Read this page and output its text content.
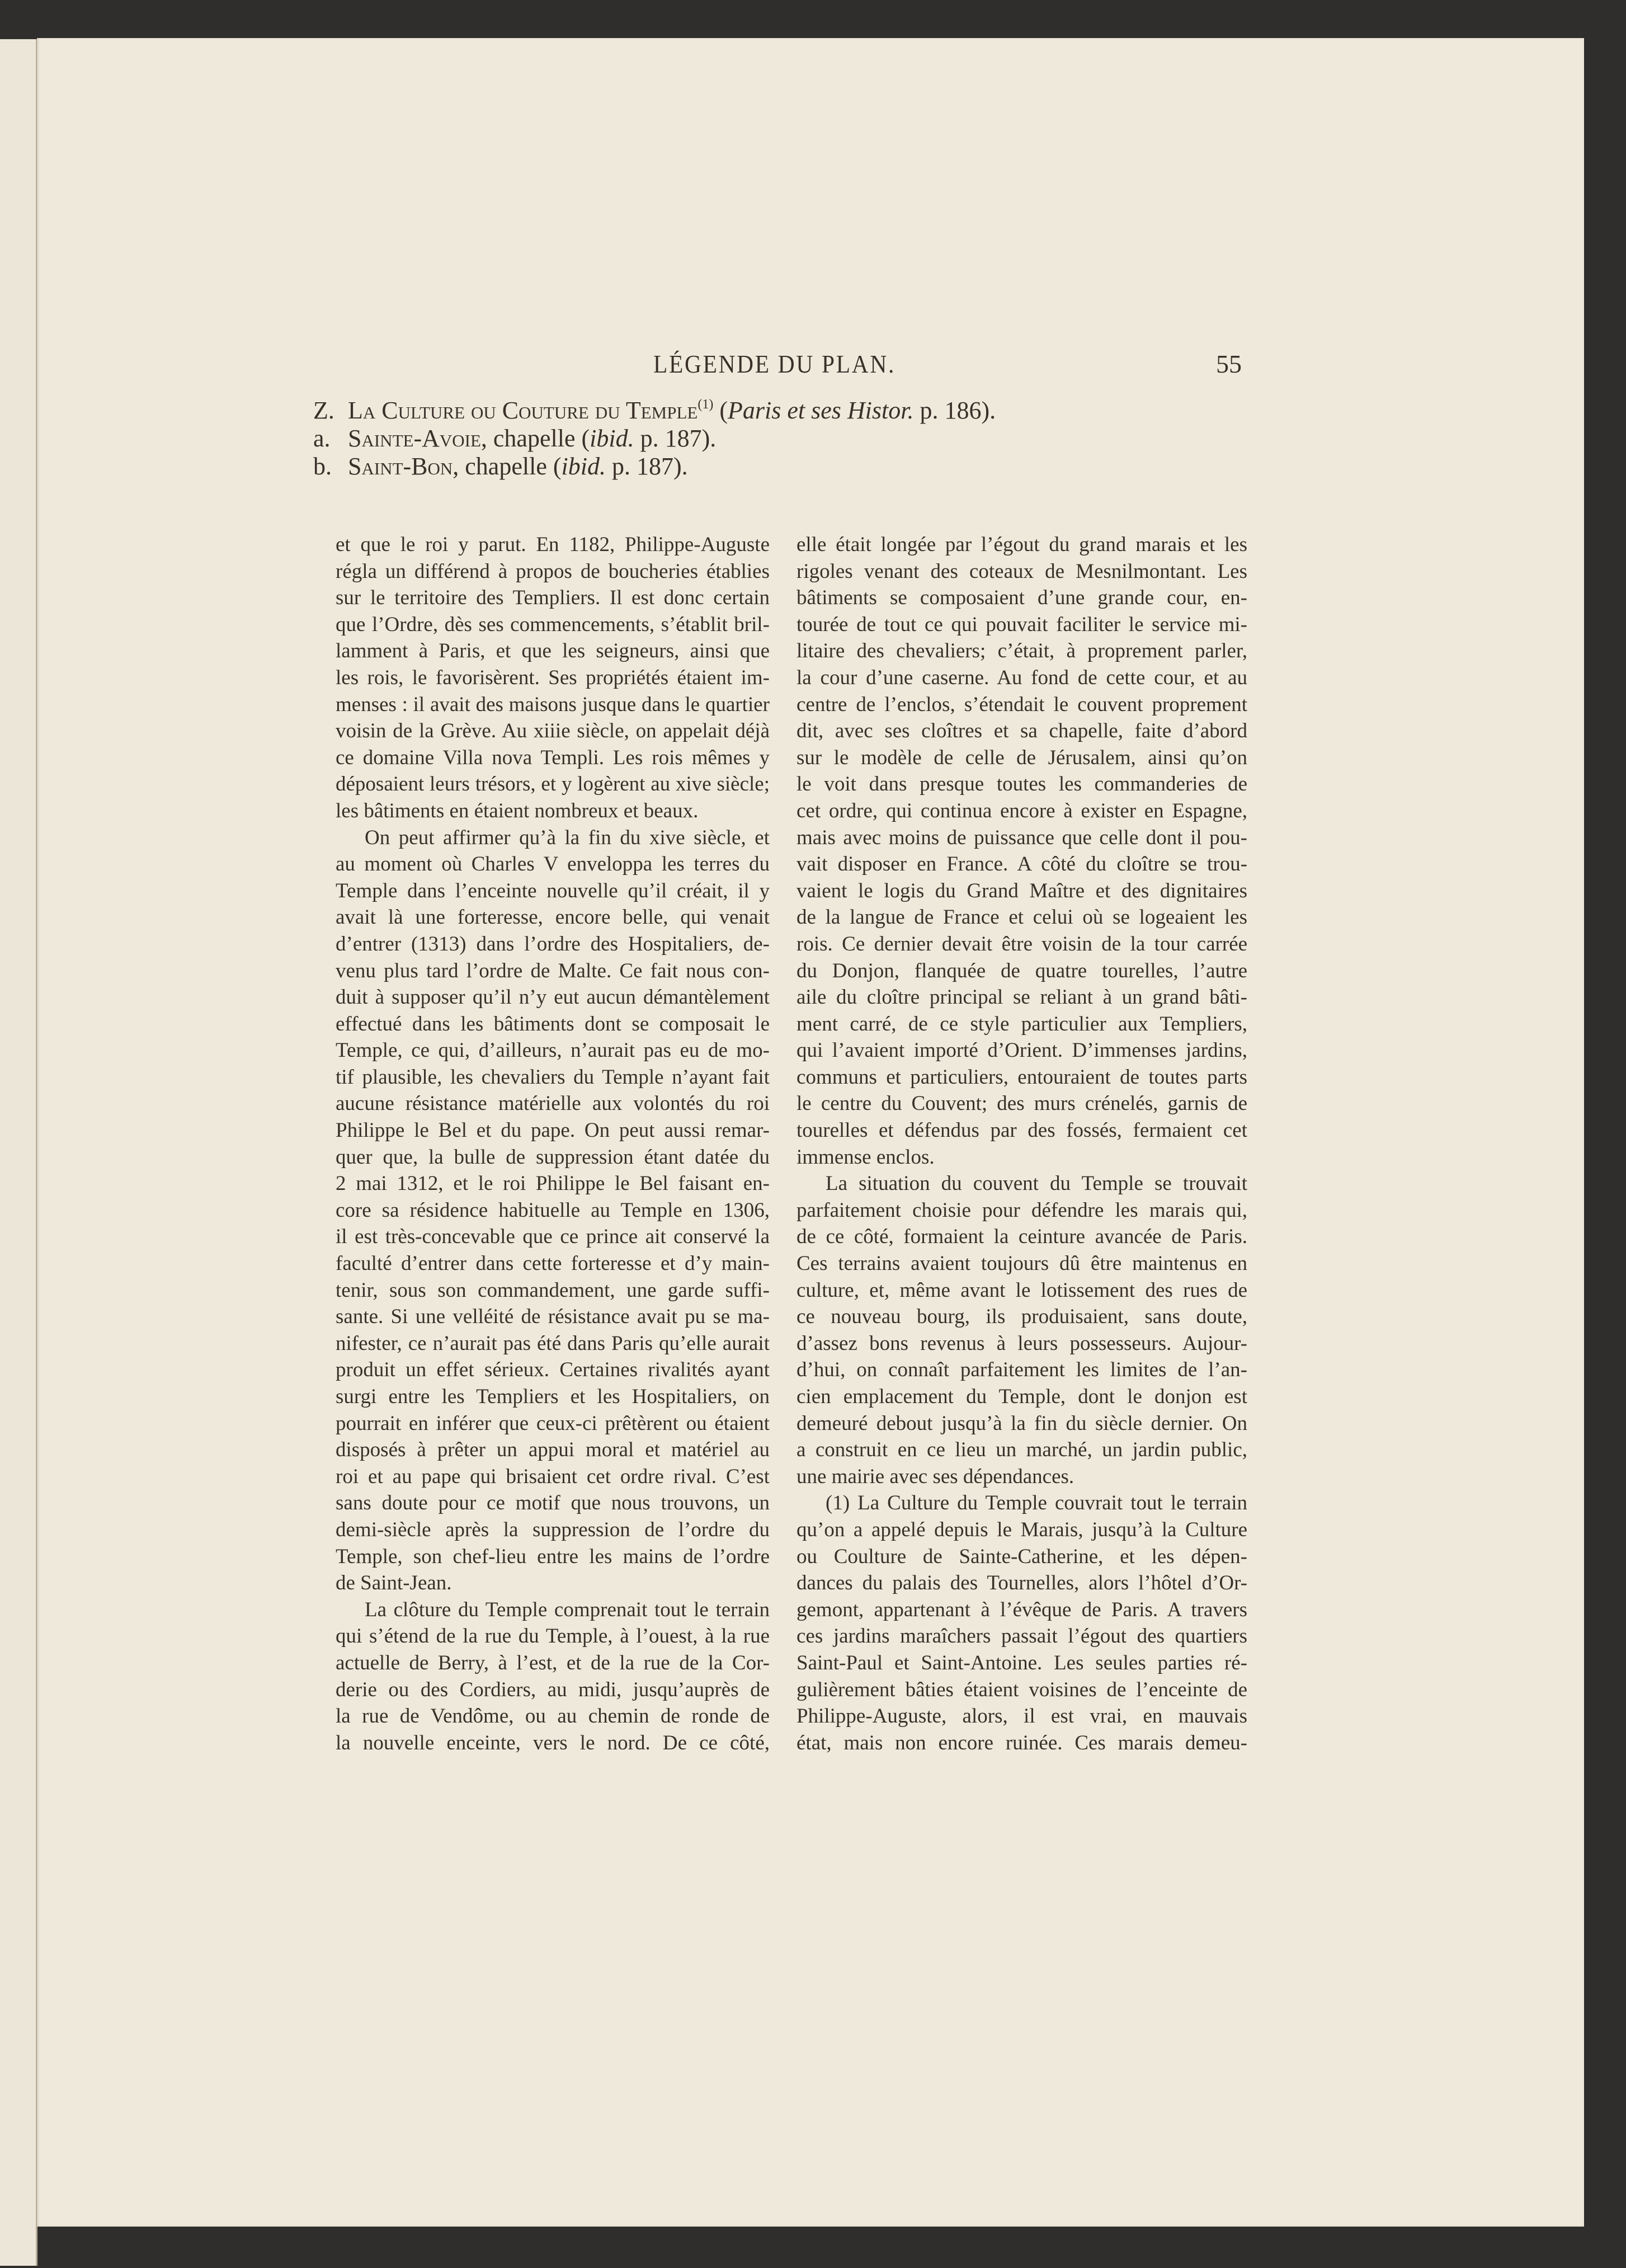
LÉGENDE DU PLAN.	55
Z. La Culture ou Couture du Temple$^{(1)}$ (Paris et ses Histor. p. 186).
a. Sainte-Avoie, chapelle (ibid. p. 187).
b. Saint-Bon, chapelle (ibid. p. 187).
et que le roi y parut. En 1182, Philippe-Auguste
régla un différend à propos de boucheries établies
sur le territoire des Templiers. Il est donc certain
que l’Ordre, dès ses commencements, s’établit bril-
lamment à Paris, et que les seigneurs, ainsi que
les rois, le favorisèrent. Ses propriétés étaient im-
menses : il avait des maisons jusque dans le quartier
voisin de la Grève. Au xiiie siècle, on appelait déjà
ce domaine Villa nova Templi. Les rois mêmes y
déposaient leurs trésors, et y logèrent au xive siècle;
les bâtiments en étaient nombreux et beaux.
On peut affirmer qu’à la fin du xive siècle, et
au moment où Charles V enveloppa les terres du
Temple dans l’enceinte nouvelle qu’il créait, il y
avait là une forteresse, encore belle, qui venait
d’entrer (1313) dans l’ordre des Hospitaliers, de-
venu plus tard l’ordre de Malte. Ce fait nous con-
duit à supposer qu’il n’y eut aucun démantèlement
effectué dans les bâtiments dont se composait le
Temple, ce qui, d’ailleurs, n’aurait pas eu de mo-
tif plausible, les chevaliers du Temple n’ayant fait
aucune résistance matérielle aux volontés du roi
Philippe le Bel et du pape. On peut aussi remar-
quer que, la bulle de suppression étant datée du
2 mai 1312, et le roi Philippe le Bel faisant en-
core sa résidence habituelle au Temple en 1306,
il est très-concevable que ce prince ait conservé la
faculté d’entrer dans cette forteresse et d’y main-
tenir, sous son commandement, une garde suffi-
sante. Si une velléité de résistance avait pu se ma-
nifester, ce n’aurait pas été dans Paris qu’elle aurait
produit un effet sérieux. Certaines rivalités ayant
surgi entre les Templiers et les Hospitaliers, on
pourrait en inférer que ceux-ci prêtèrent ou étaient
disposés à prêter un appui moral et matériel au
roi et au pape qui brisaient cet ordre rival. C’est
sans doute pour ce motif que nous trouvons, un
demi-siècle après la suppression de l’ordre du
Temple, son chef-lieu entre les mains de l’ordre
de Saint-Jean.
La clôture du Temple comprenait tout le terrain
qui s’étend de la rue du Temple, à l’ouest, à la rue
actuelle de Berry, à l’est, et de la rue de la Cor-
derie ou des Cordiers, au midi, jusqu’auprès de
la rue de Vendôme, ou au chemin de ronde de
la nouvelle enceinte, vers le nord. De ce côté,
elle était longée par l’égout du grand marais et les
rigoles venant des coteaux de Mesnilmontant. Les
bâtiments se composaient d’une grande cour, en-
tourée de tout ce qui pouvait faciliter le service mi-
litaire des chevaliers; c’était, à proprement parler,
la cour d’une caserne. Au fond de cette cour, et au
centre de l’enclos, s’étendait le couvent proprement
dit, avec ses cloîtres et sa chapelle, faite d’abord
sur le modèle de celle de Jérusalem, ainsi qu’on
le voit dans presque toutes les commanderies de
cet ordre, qui continua encore à exister en Espagne,
mais avec moins de puissance que celle dont il pou-
vait disposer en France. A côté du cloître se trou-
vaient le logis du Grand Maître et des dignitaires
de la langue de France et celui où se logeaient les
rois. Ce dernier devait être voisin de la tour carrée
du Donjon, flanquée de quatre tourelles, l’autre
aile du cloître principal se reliant à un grand bâti-
ment carré, de ce style particulier aux Templiers,
qui l’avaient importé d’Orient. D’immenses jardins,
communs et particuliers, entouraient de toutes parts
le centre du Couvent; des murs crénelés, garnis de
tourelles et défendus par des fossés, fermaient cet
immense enclos.
La situation du couvent du Temple se trouvait
parfaitement choisie pour défendre les marais qui,
de ce côté, formaient la ceinture avancée de Paris.
Ces terrains avaient toujours dû être maintenus en
culture, et, même avant le lotissement des rues de
ce nouveau bourg, ils produisaient, sans doute,
d’assez bons revenus à leurs possesseurs. Aujour-
d’hui, on connaît parfaitement les limites de l’an-
cien emplacement du Temple, dont le donjon est
demeuré debout jusqu’à la fin du siècle dernier. On
a construit en ce lieu un marché, un jardin public,
une mairie avec ses dépendances.
(1) La Culture du Temple couvrait tout le terrain
qu’on a appelé depuis le Marais, jusqu’à la Culture
ou Coulture de Sainte-Catherine, et les dépen-
dances du palais des Tournelles, alors l’hôtel d’Or-
gemont, appartenant à l’évêque de Paris. A travers
ces jardins maraîchers passait l’égout des quartiers
Saint-Paul et Saint-Antoine. Les seules parties ré-
gulièrement bâties étaient voisines de l’enceinte de
Philippe-Auguste, alors, il est vrai, en mauvais
état, mais non encore ruinée. Ces marais demeu-
